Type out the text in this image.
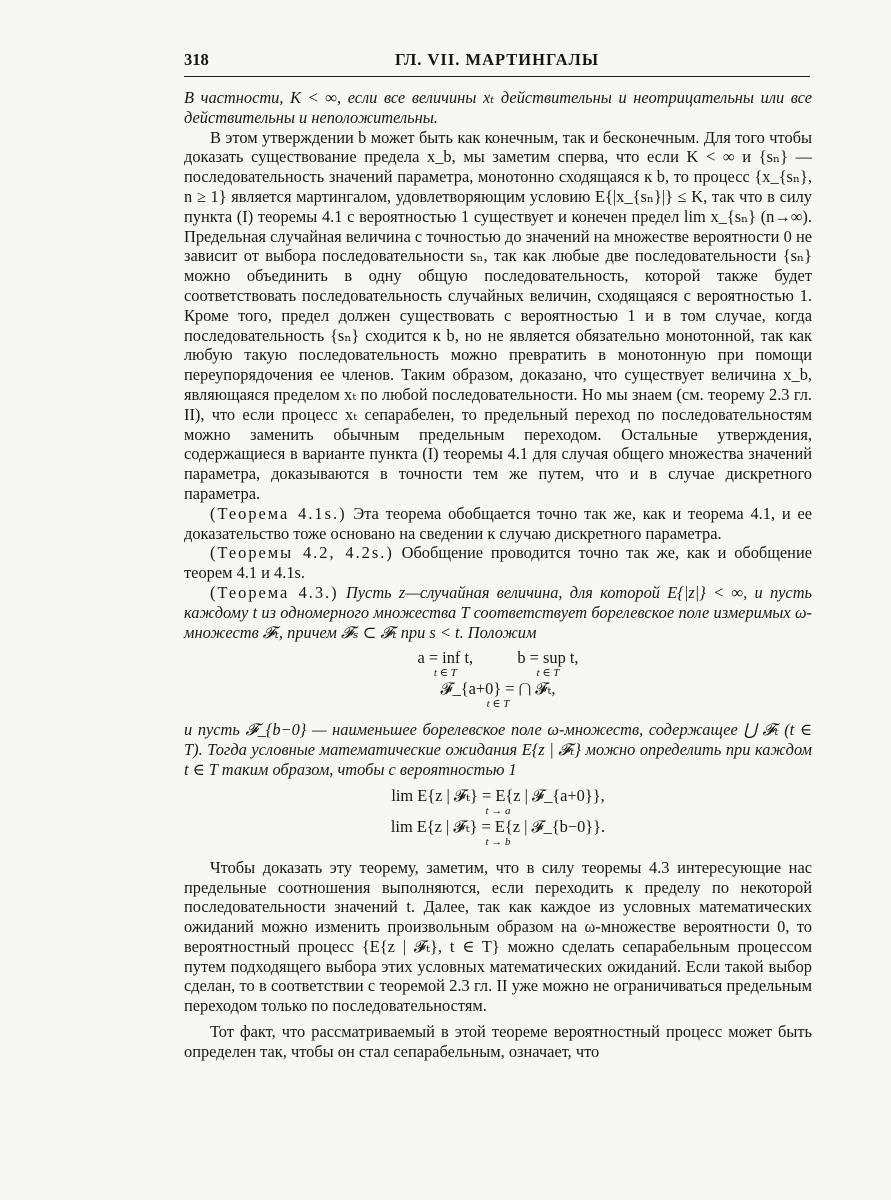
318	ГЛ. VII. МАРТИНГАЛЫ

В частности, K < ∞, если все величины xₜ действительны и неотрицательны или все действительны и неположительны.

В этом утверждении b может быть как конечным, так и бесконечным. Для того чтобы доказать существование предела x_b, мы заметим сперва, что если K < ∞ и {sₙ} — последовательность значений параметра, монотонно сходящаяся к b, то процесс {x_{sₙ}, n ≥ 1} является мартингалом, удовлетворяющим условию E{|x_{sₙ}|} ≤ K, так что в силу пункта (I) теоремы 4.1 с вероятностью 1 существует и конечен предел lim x_{sₙ} (n→∞). Предельная случайная величина с точностью до значений на множестве вероятности 0 не зависит от выбора последовательности sₙ, так как любые две последовательности {sₙ} можно объединить в одну общую последовательность, которой также будет соответствовать последовательность случайных величин, сходящаяся с вероятностью 1. Кроме того, предел должен существовать с вероятностью 1 и в том случае, когда последовательность {sₙ} сходится к b, но не является обязательно монотонной, так как любую такую последовательность можно превратить в монотонную при помощи переупорядочения ее членов. Таким образом, доказано, что существует величина x_b, являющаяся пределом xₜ по любой последовательности. Но мы знаем (см. теорему 2.3 гл. II), что если процесс xₜ сепарабелен, то предельный переход по последовательностям можно заменить обычным предельным переходом. Остальные утверждения, содержащиеся в варианте пункта (I) теоремы 4.1 для случая общего множества значений параметра, доказываются в точности тем же путем, что и в случае дискретного параметра.

(Теорема 4.1s.) Эта теорема обобщается точно так же, как и теорема 4.1, и ее доказательство тоже основано на сведении к случаю дискретного параметра.

(Теоремы 4.2, 4.2s.) Обобщение проводится точно так же, как и обобщение теорем 4.1 и 4.1s.

(Теорема 4.3.) Пусть z—случайная величина, для которой E{|z|} < ∞, и пусть каждому t из одномерного множества T соответствует борелевское поле измеримых ω-множеств 𝓕ₜ, причем 𝓕ₛ ⊂ 𝓕ₜ при s < t. Положим

a = inf t,
t ∈ T
b = sup t,
t ∈ T
𝓕_{a+0} = ⋂ 𝓕ₜ,
t ∈ T

и пусть 𝓕_{b−0} — наименьшее борелевское поле ω-множеств, содержащее ⋃ 𝓕ₜ (t ∈ T). Тогда условные математические ожидания E{z | 𝓕ₜ} можно определить при каждом t ∈ T таким образом, чтобы с вероятностью 1

lim E{z | 𝓕ₜ} = E{z | 𝓕_{a+0}},
t → a
lim E{z | 𝓕ₜ} = E{z | 𝓕_{b−0}}.
t → b

Чтобы доказать эту теорему, заметим, что в силу теоремы 4.3 интересующие нас предельные соотношения выполняются, если переходить к пределу по некоторой последовательности значений t. Далее, так как каждое из условных математических ожиданий можно изменить произвольным образом на ω-множестве вероятности 0, то вероятностный процесс {E{z | 𝓕ₜ}, t ∈ T} можно сделать сепарабельным процессом путем подходящего выбора этих условных математических ожиданий. Если такой выбор сделан, то в соответствии с теоремой 2.3 гл. II уже можно не ограничиваться предельным переходом только по последовательностям.

Тот факт, что рассматриваемый в этой теореме вероятностный процесс может быть определен так, чтобы он стал сепарабельным, означает, что
